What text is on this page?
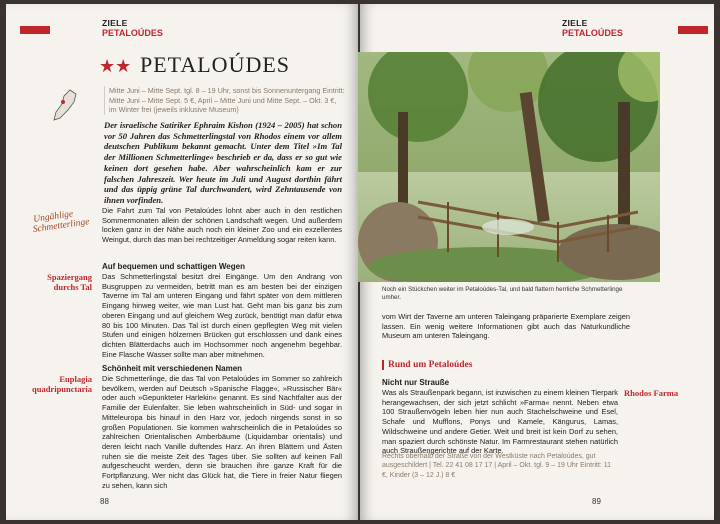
ZIELE
PETALOÚDES
★★ PETALOÚDES
Mitte Juni – Mitte Sept. tgl. 8 – 19 Uhr, sonst bis Sonnenuntergang Eintritt: Mitte Juni – Mitte Sept. 5 €, April – Mitte Juni und Mitte Sept. – Okt. 3 €, im Winter frei (jeweils inklusive Museum)
Der israelische Satiriker Ephraim Kishon (1924 – 2005) hat schon vor 50 Jahren das Schmetterlingstal von Rhodos einem vor allem deutschen Publikum bekannt gemacht. Unter dem Titel »Im Tal der Millionen Schmetterlinge« beschrieb er da, dass er so gut wie keinen dort gesehen habe. Aber wahrscheinlich kam er zur falschen Jahreszeit. Wer heute im Juli und August dorthin fährt und das üppig grüne Tal durchwandert, wird Zehntausende von ihnen vorfinden.
Ungählige Schmetterlinge
Die Fahrt zum Tal von Petaloúdes lohnt aber auch in den restlichen Sommermonaten allein der schönen Landschaft wegen. Und außerdem locken ganz in der Nähe auch noch ein kleiner Zoo und ein exzellentes Weingut, durch das man bei rechtzeitiger Anmeldung sogar reiten kann.
Spaziergang durchs Tal
Auf bequemen und schattigen Wegen
Das Schmetterlingstal besitzt drei Eingänge. Um den Andrang von Busgruppen zu vermeiden, betritt man es am besten bei der einzigen Taverne im Tal am unteren Eingang und fährt später von dem mittleren Eingang hinweg weiter, wie man Lust hat. Geht man bis ganz bis zum oberen Eingang und auf gleichem Weg zurück, benötigt man dafür etwa 80 bis 100 Minuten. Das Tal ist durch einen gepflegten Weg mit vielen Stufen und einigen hölzernen Brücken gut erschlossen und dank eines dichten Blätterdachs auch im Hochsommer noch angenehm begehbar. Eine Flasche Wasser sollte man aber mitnehmen.
Euplagia quadripunctaria
Schönheit mit verschiedenen Namen
Die Schmetterlinge, die das Tal von Petaloúdes im Sommer so zahlreich bevölkern, werden auf Deutsch »Spanische Flagge«, »Russischer Bär« oder auch »Gepunkteter Harlekin« genannt. Es sind Nachtfalter aus der Familie der Eulenfalter. Sie leben wahrscheinlich in Süd- und sogar in Mitteleuropa bis hinauf in den Harz vor, jedoch nirgends sonst in so großen Populationen. Sie kommen wahrscheinlich die in Petaloúdes so zahlreichen Orientalischen Amberbäume (Liquidambar orientalis) und deren leicht nach Vanille duftendes Harz. An ihren Blättern und Ästen ruhen sie die meiste Zeit des Tages über. Sie sollten auf keinen Fall aufgescheucht werden, denn sie brauchen ihre ganze Kraft für die Fortpflanzung. Wer nicht das Glück hat, die Tiere in freier Natur fliegen zu sehen, kann sich
88
ZIELE
PETALOÚDES
89
Noch ein Stückchen weiter im Petaloúdes-Tal, und bald flattern herrliche Schmetterlinge umher.
vom Wirt der Taverne am unteren Taleingang präparierte Exemplare zeigen lassen. Ein wenig weitere Informationen gibt auch das Naturkundliche Museum am unteren Taleingang.
Rund um Petaloúdes
Nicht nur Strauße
Was als Straußenpark begann, ist inzwischen zu einem kleinen Tierpark herangewachsen, der sich jetzt schlicht »Farma« nennt. Neben etwa 100 Straußenvögeln leben hier nun auch Stachelschweine und Esel, Schafe und Mufflons, Ponys und Kamele, Kängurus, Lamas, Wildschweine und andere Getier. Weit und breit ist kein Dorf zu sehen, man spaziert durch schönste Natur. Im Farmrestaurant stehen natürlich auch Straußengerichte auf der Karte.
Rechts oberhalb der Straße von der Westküste nach Petaloúdes, gut ausgeschildert | Tel. 22 41 08 17 17 | April – Okt. tgl. 9 – 19 Uhr Eintritt: 11 €, Kinder (3 – 12 J.) 8 €
Rhodos Farma
